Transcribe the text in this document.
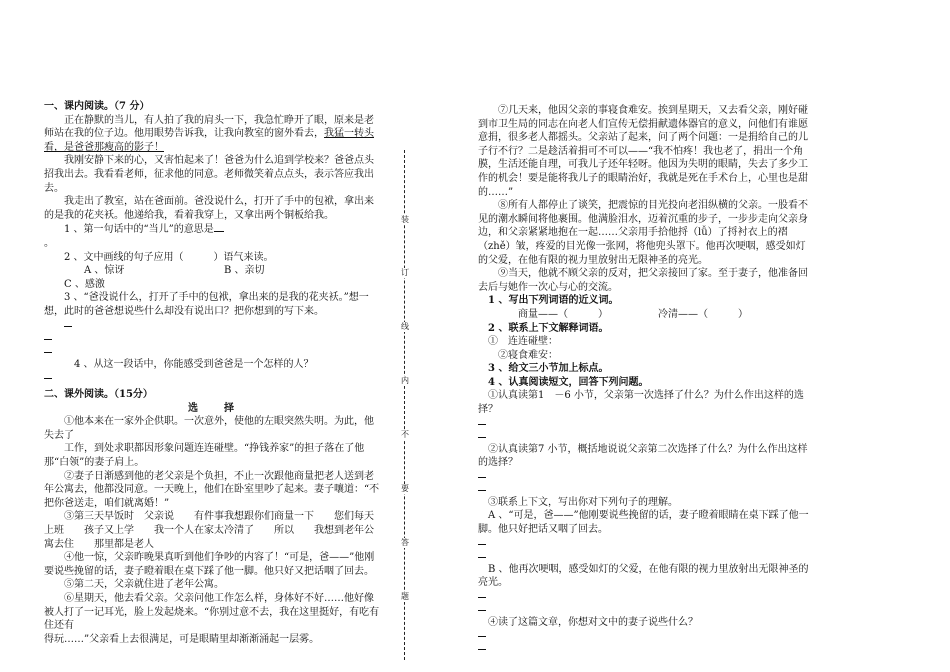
一、课内阅读。（7 分）

正在静默的当儿，有人拍了我的肩头一下，我急忙睁开了眼，原来是老师站在我的位子边。他用眼势告诉我，让我向教室的窗外看去，我猛一转头看，是爸爸那瘦高的影子！

我刚安静下来的心，又害怕起来了！爸爸为什么追到学校来？爸爸点头招我出去。我看看老师，征求他的同意。老师微笑着点点头，表示答应我出去。

我走出了教室，站在爸面前。爸没说什么，打开了手中的包袱，拿出来的是我的花夹袄。他递给我，看着我穿上，又拿出两个铜板给我。

1 、第一句话中的“当儿”的意思是

。

2 、文中画线的句子应用（　　　）语气来读。

A 、惊讶	B 、亲切C 、感激

3 、“爸没说什么，打开了手中的包袱，拿出来的是我的花夹袄。”想一想，此时的爸爸想说些什么却没有说出口？把你想到的写下来。

4 、从这一段话中，你能感受到爸爸是一个怎样的人？

二、课外阅读。（15分）

选　　择

①他本来在一家外企供职。一次意外，使他的左眼突然失明。为此，他失去了

工作，到处求职都因形象问题连连碰壁。“挣钱养家”的担子落在了他那“白领”的妻子肩上。

②妻子日渐感到他的老父亲是个负担，不止一次跟他商量把老人送到老年公寓去，他都没同意。一天晚上，他们在卧室里吵了起来。妻子嚷道：“不把你爸送走，咱们就离婚！”

③第三天早饭时　父亲说　　有件事我想跟你们商量一下　　您们每天上班　　孩子又上学　　我一个人在家太冷清了　　所以　　我想到老年公寓去住　　那里都是老人

④他一惊，父亲昨晚果真听到他们争吵的内容了！“可是，爸——”他刚要说些挽留的话，妻子瞪着眼在桌下踩了他一脚。他只好又把话咽了回去。

⑤第二天，父亲就住进了老年公寓。

⑥星期天，他去看父亲。父亲问他工作怎么样，身体好不好……他好像被人打了一记耳光，脸上发起烧来。“你别过意不去，我在这里挺好，有吃有住还有

得玩……”父亲看上去很满足，可是眼睛里却渐渐涌起一层雾。

装
订
线
内
不
要
答
题

⑦几天来，他因父亲的事寝食难安。挨到星期天，又去看父亲，刚好碰到市卫生局的同志在向老人们宣传无偿捐献遗体器官的意义，问他们有谁愿意捐，很多老人都摇头。父亲站了起来，问了两个问题：一是捐给自己的儿子行不行？二是趁活着捐可不可以——“我不怕疼！我也老了，捐出一个角膜，生活还能自理，可我儿子还年轻呀。他因为失明的眼睛，失去了多少工作的机会！要是能将我儿子的眼睛治好，我就是死在手术台上，心里也是甜的……”

⑧所有人都停止了谈笑，把震惊的目光投向老泪纵横的父亲。一股看不见的潮水瞬间将他裹围。他满脸泪水，迈着沉重的步子，一步步走向父亲身边，和父亲紧紧地抱在一起……父亲用手拾他捋（lǚ）了捋衬衣上的褶（zhě）皱，疼爱的目光像一张网，将他兜头罩下。他再次哽咽，感受如灯的父爱，在他有限的视力里放射出无限神圣的亮光。

⑨当天，他就不顾父亲的反对，把父亲接回了家。至于妻子，他准备回去后与她作一次心与心的交流。

1 、写出下列词语的近义词。

商量——（　　　）	冷清——（　　　）

2 、联系上下文解释词语。

①　连连碰壁：

②寝食难安：

3 、给文三小节加上标点。

4 、认真阅读短文，回答下列问题。

①认真读第1　－6 小节，父亲第一次选择了什么？为什么作出这样的选择？

②认真读第7 小节，概括地说说父亲第二次选择了什么？为什么作出这样的选择？

③联系上下文，写出你对下列句子的理解。

A 、“可是，爸——”他刚要说些挽留的话，妻子瞪着眼睛在桌下踩了他一脚。他只好把话又咽了回去。

B 、他再次哽咽，感受如灯的父爱，在他有限的视力里放射出无限神圣的亮光。

④读了这篇文章，你想对文中的妻子说些什么？
